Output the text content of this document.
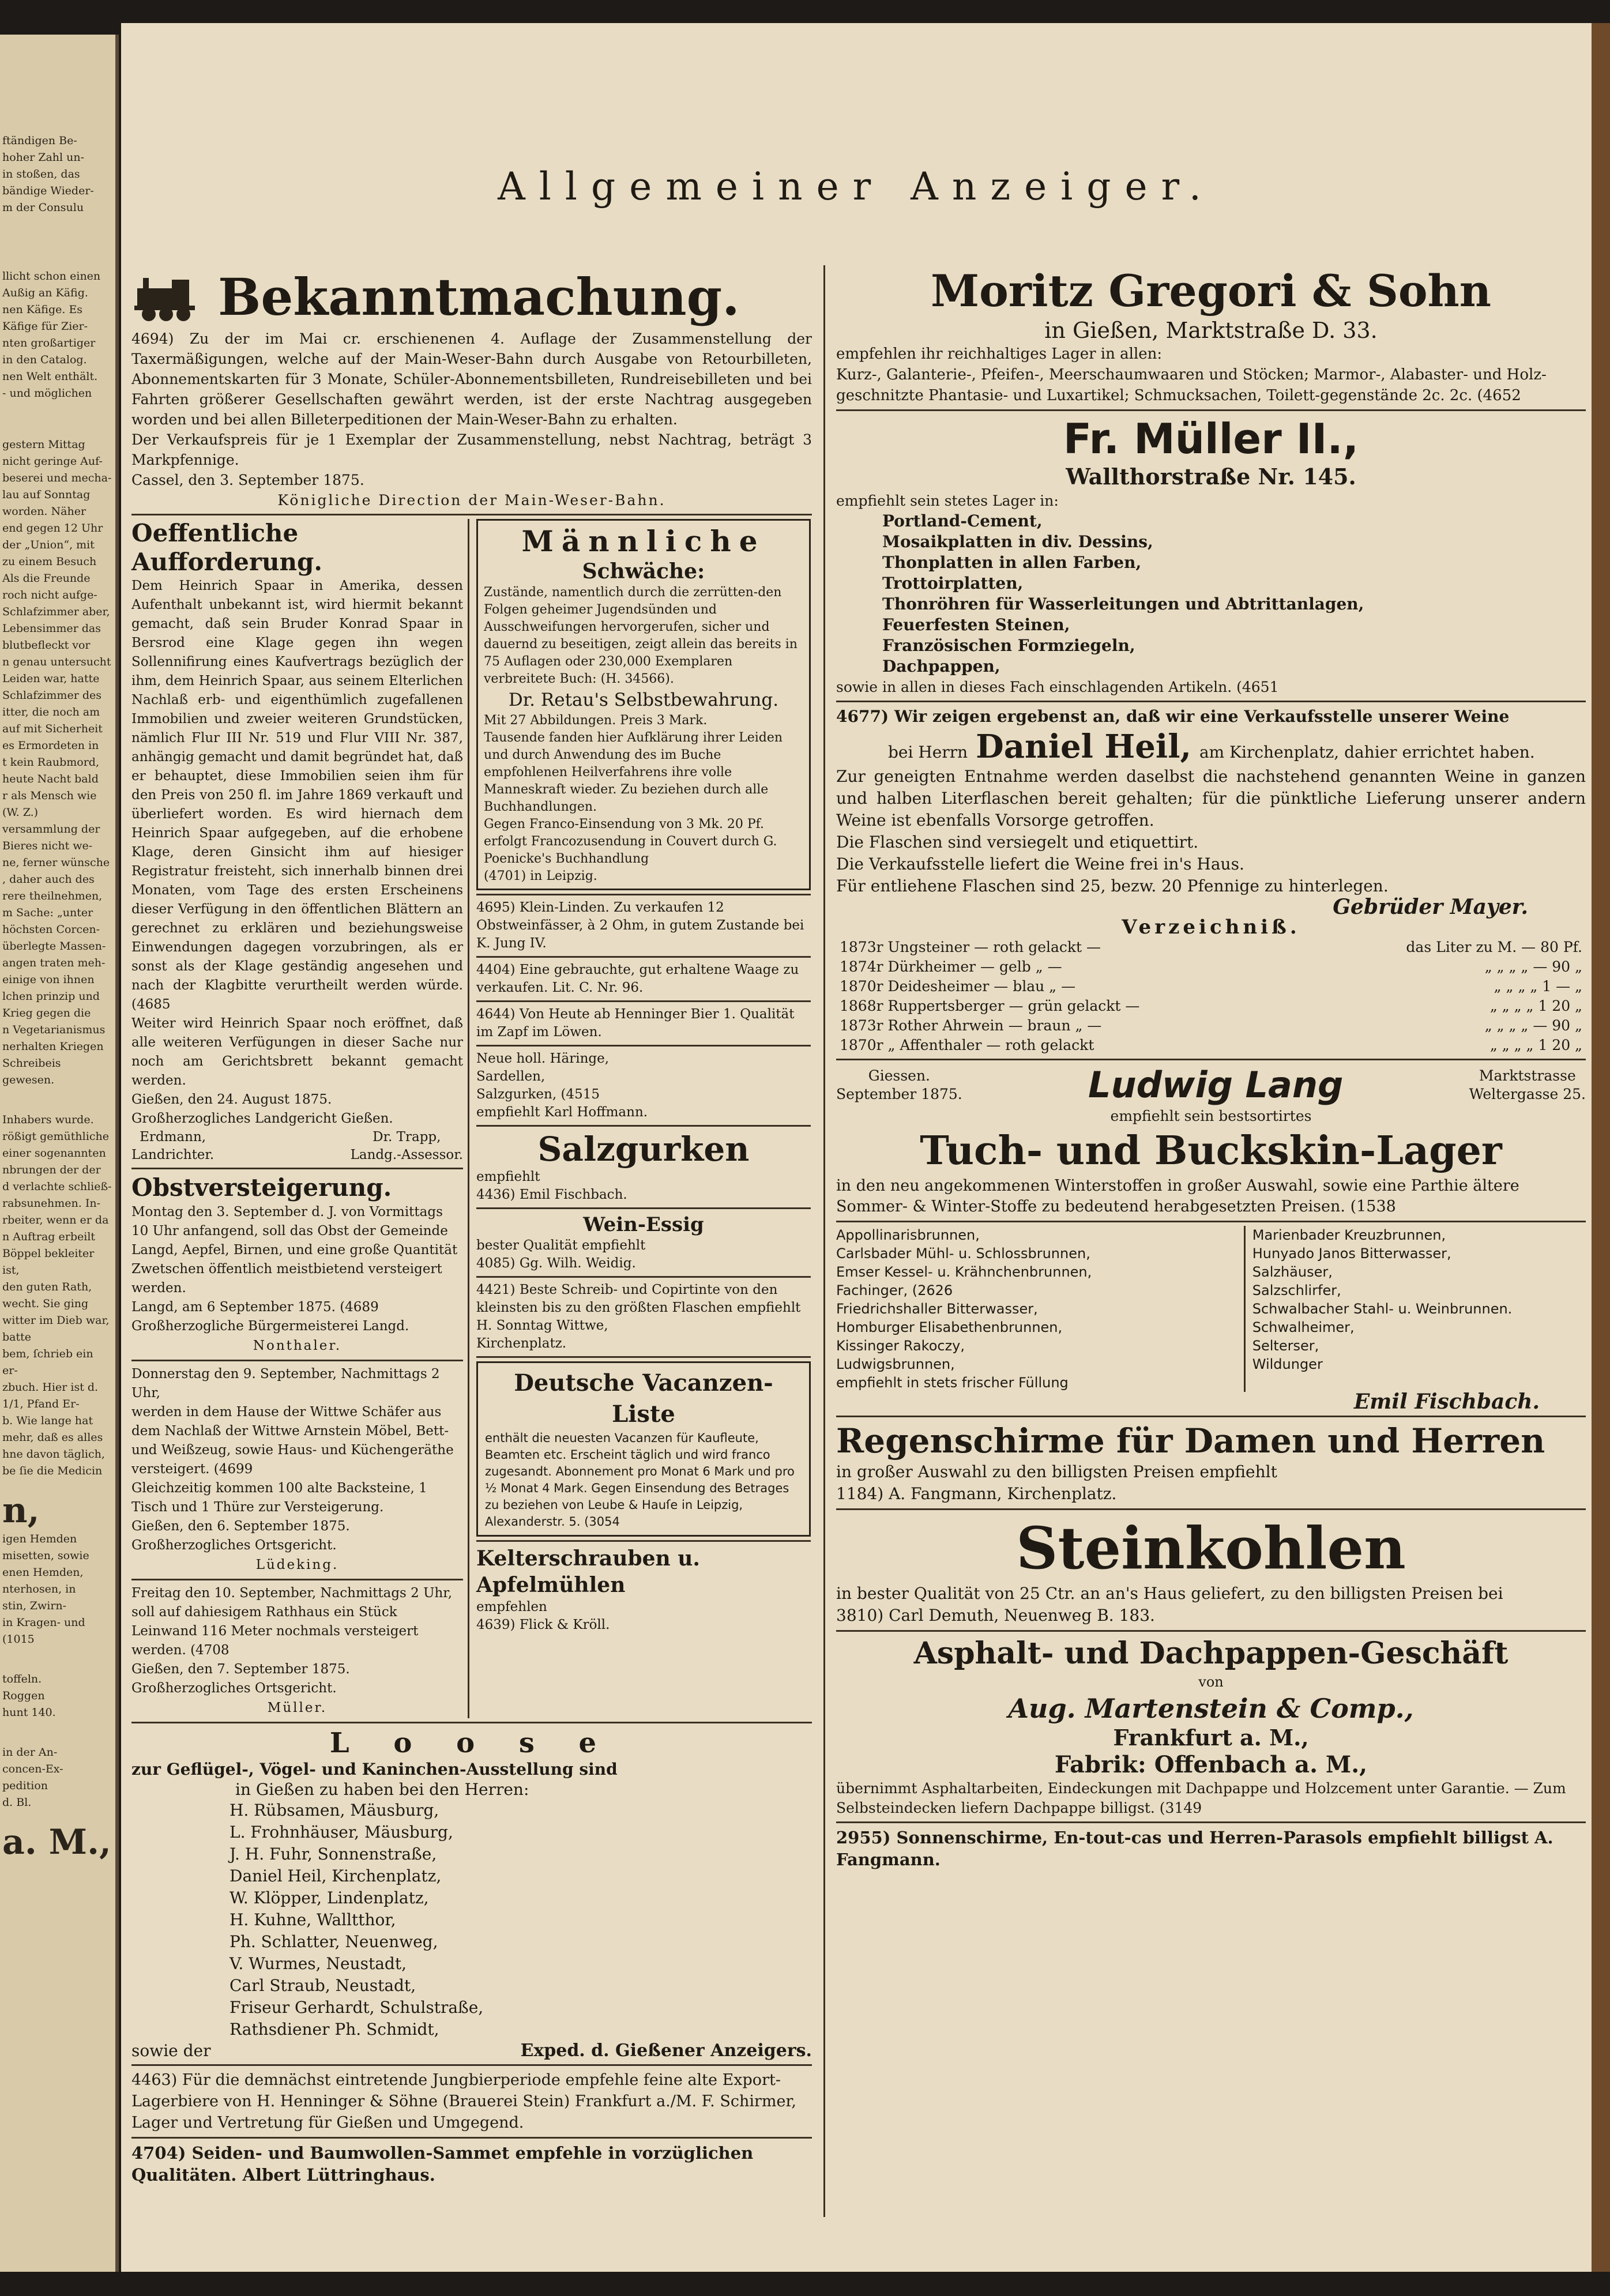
ftändigen Be-
hoher Zahl un-
in stoßen, das
bändige Wieder-
m der Consulu
llicht schon einen
Außig an Käfig.
nen Käfige. Es
Käfige für Zier-
nten großartiger
in den Catalog.
nen Welt enthält.
- und möglichen
gestern Mittag
nicht geringe Auf-
beserei und mecha-
lau auf Sonntag
worden. Näher
end gegen 12 Uhr
der „Union“, mit
zu einem Besuch
Als die Freunde
roch nicht aufge-
Schlafzimmer aber,
Lebensimmer das
blutbefleckt vor
n genau untersucht
Leiden war, hatte
Schlafzimmer des
itter, die noch am
auf mit Sicherheit
es Ermordeten in
t kein Raubmord,
heute Nacht bald
r als Mensch wie
(W. Z.)
versammlung der
Bieres nicht we-
ne, ferner wünsche
, daher auch des
rere theilnehmen,
m Sache: „unter
höchsten Corcen-
überlegte Massen-
angen traten meh-
einige von ihnen
lchen prinzip und
Krieg gegen die
n Vegetarianismus
nerhalten Kriegen
Schreibeis gewesen.
Inhabers wurde.
rößigt gemüthliche
einer sogenannten
nbrungen der der
d verlachte schließ-
rabsunehmen. In-
rbeiter, wenn er da
n Auftrag erbeilt
Böppel bekleiter ist,
den guten Rath,
wecht. Sie ging
witter im Dieb war,
batte
bem, ſchrieb ein er-
zbuch. Hier ist d.
1/1, Pfand Er-
b. Wie lange hat
mehr, daß es alles
hne davon täglich,
be ſie die Medicin
n,
igen Hemden
misetten, sowie
enen Hemden,
nterhosen, in
stin, Zwirn-
in Kragen- und
(1015
toffeln.
Roggen
hunt 140.
in der An-
concen-Ex-
pedition
d. Bl.
a. M.,
Allgemeiner Anzeiger.
Bekanntmachung.
4694) Zu der im Mai cr. erschienenen 4. Auflage der Zusammenstellung der Taxermäßigungen, welche auf der Main-Weser-Bahn durch Ausgabe von Retourbilleten, Abonnementskarten für 3 Monate, Schüler-Abonnementsbilleten, Rundreisebilleten und bei Fahrten größerer Gesellschaften gewährt werden, ist der erste Nachtrag ausgegeben worden und bei allen Billeterpeditionen der Main-Weser-Bahn zu erhalten.
Der Verkaufspreis für je 1 Exemplar der Zusammenstellung, nebst Nachtrag, beträgt 3 Markpfennige.
Cassel, den 3. September 1875.
Königliche Direction der Main-Weser-Bahn.
Oeffentliche Aufforderung.
Dem Heinrich Spaar in Amerika, dessen Aufenthalt unbekannt ist, wird hiermit bekannt gemacht, daß sein Bruder Konrad Spaar in Bersrod eine Klage gegen ihn wegen Sollennifirung eines Kaufvertrags bezüglich der ihm, dem Heinrich Spaar, aus seinem Elterlichen Nachlaß erb- und eigenthümlich zugefallenen Immobilien und zweier weiteren Grundstücken, nämlich Flur III Nr. 519 und Flur VIII Nr. 387, anhängig gemacht und damit begründet hat, daß er behauptet, diese Immobilien seien ihm für den Preis von 250 fl. im Jahre 1869 verkauft und überliefert worden. Es wird hiernach dem Heinrich Spaar aufgegeben, auf die erhobene Klage, deren Ginsicht ihm auf hiesiger Registratur freisteht, sich innerhalb binnen drei Monaten, vom Tage des ersten Erscheinens dieser Verfügung in den öffentlichen Blättern an gerechnet zu erklären und beziehungsweise Einwendungen dagegen vorzubringen, als er sonst als der Klage geständig angesehen und nach der Klagbitte verurtheilt werden würde. (4685
Weiter wird Heinrich Spaar noch eröffnet, daß alle weiteren Verfügungen in dieser Sache nur noch am Gerichtsbrett bekannt gemacht werden.
Gießen, den 24. August 1875.
Großherzogliches Landgericht Gießen.
Erdmann,
Landrichter.
Dr. Trapp,
Landg.-Assessor.
Obstversteigerung.
Montag den 3. September d. J. von Vormittags 10 Uhr anfangend, soll das Obst der Gemeinde Langd, Aepfel, Birnen, und eine große Quantität Zwetschen öffentlich meistbietend versteigert werden.
Langd, am 6 September 1875. (4689
Großherzogliche Bürgermeisterei Langd.
Nonthaler.
Donnerstag den 9. September, Nachmittags 2 Uhr,
werden in dem Hause der Wittwe Schäfer aus dem Nachlaß der Wittwe Arnstein Möbel, Bett- und Weißzeug, sowie Haus- und Küchengeräthe versteigert. (4699
Gleichzeitig kommen 100 alte Backsteine, 1 Tisch und 1 Thüre zur Versteigerung.
Gießen, den 6. September 1875.
Großherzogliches Ortsgericht.
Lüdeking.
Freitag den 10. September, Nachmittags 2 Uhr,
soll auf dahiesigem Rathhaus ein Stück Leinwand 116 Meter nochmals versteigert werden. (4708
Gießen, den 7. September 1875.
Großherzogliches Ortsgericht.
Müller.
Männliche
Schwäche:
Zustände, namentlich durch die zerrütten-den Folgen geheimer Jugendsünden und Ausschweifungen hervorgerufen, sicher und dauernd zu beseitigen, zeigt allein das bereits in 75 Auflagen oder 230,000 Exemplaren verbreitete Buch: (H. 34566).
Dr. Retau's Selbstbewahrung.
Mit 27 Abbildungen. Preis 3 Mark.
Tausende fanden hier Aufklärung ihrer Leiden und durch Anwendung des im Buche empfohlenen Heilverfahrens ihre volle Manneskraft wieder. Zu beziehen durch alle Buchhandlungen.
Gegen Franco-Einsendung von 3 Mk. 20 Pf. erfolgt Francozusendung in Couvert durch G. Poenicke's Buchhandlung
(4701) in Leipzig.
4695) Klein-Linden. Zu verkaufen 12 Obstweinfässer, à 2 Ohm, in gutem Zustande bei K. Jung IV.
4404) Eine gebrauchte, gut erhaltene Waage zu verkaufen. Lit. C. Nr. 96.
4644) Von Heute ab Henninger Bier 1. Qualität im Zapf im Löwen.
Neue holl. Häringe,
Sardellen,
Salzgurken, (4515
empfiehlt Karl Hoffmann.
Salzgurken
empfiehlt
4436) Emil Fischbach.
Wein-Essig
bester Qualität empfiehlt
4085) Gg. Wilh. Weidig.
4421) Beste Schreib- und Copirtinte von den kleinsten bis zu den größten Flaschen empfiehlt H. Sonntag Wittwe,
Kirchenplatz.
Deutsche Vacanzen-Liste
enthält die neuesten Vacanzen für Kaufleute, Beamten etc. Erscheint täglich und wird franco zugesandt. Abonnement pro Monat 6 Mark und pro ½ Monat 4 Mark. Gegen Einsendung des Betrages zu beziehen von Leube & Hauſe in Leipzig, Alexanderstr. 5. (3054
Kelterschrauben u. Apfelmühlen
empfehlen
4639) Flick & Kröll.
L o o s e
zur Geflügel-, Vögel- und Kaninchen-Ausstellung sind
in Gießen zu haben bei den Herren:
H. Rübsamen, Mäusburg,
L. Frohnhäuser, Mäusburg,
J. H. Fuhr, Sonnenstraße,
Daniel Heil, Kirchenplatz,
W. Klöpper, Lindenplatz,
H. Kuhne, Walltthor,
Ph. Schlatter, Neuenweg,
V. Wurmes, Neustadt,
Carl Straub, Neustadt,
Friseur Gerhardt, Schulstraße,
Rathsdiener Ph. Schmidt,
sowie der	Exped. d. Gießener Anzeigers.
4463) Für die demnächst eintretende Jungbierperiode empfehle feine alte Export-Lagerbiere von H. Henninger & Söhne (Brauerei Stein) Frankfurt a./M. F. Schirmer,
Lager und Vertretung für Gießen und Umgegend.
4704) Seiden- und Baumwollen-Sammet empfehle in vorzüglichen Qualitäten. Albert Lüttringhaus.
Moritz Gregori & Sohn
in Gießen, Marktstraße D. 33.
empfehlen ihr reichhaltiges Lager in allen:
Kurz-, Galanterie-, Pfeifen-, Meerschaumwaaren und Stöcken; Marmor-, Alabaster- und Holz-geschnitzte Phantasie- und Luxartikel; Schmucksachen, Toilett-gegenstände 2c. 2c. (4652
Fr. Müller II.,
Wallthorstraße Nr. 145.
empfiehlt sein stetes Lager in:
Portland-Cement,
Mosaikplatten in div. Dessins,
Thonplatten in allen Farben,
Trottoirplatten,
Thonröhren für Wasserleitungen und Abtrittanlagen,
Feuerfesten Steinen,
Französischen Formziegeln,
Dachpappen,
sowie in allen in dieses Fach einschlagenden Artikeln. (4651
4677) Wir zeigen ergebenst an, daß wir eine Verkaufsstelle unserer Weine
bei Herrn Daniel Heil, am Kirchenplatz, dahier errichtet haben.
Zur geneigten Entnahme werden daselbst die nachstehend genannten Weine in ganzen und halben Literflaschen bereit gehalten; für die pünktliche Lieferung unserer andern Weine ist ebenfalls Vorsorge getroffen.
Die Flaschen sind versiegelt und etiquettirt.
Die Verkaufsstelle liefert die Weine frei in's Haus.
Für entliehene Flaschen sind 25, bezw. 20 Pfennige zu hinterlegen.
Gebrüder Mayer.
Verzeichniß.
1873r Ungsteiner — roth gelackt —	das Liter zu M. — 80 Pf.
1874r Dürkheimer — gelb „ —	„ „ „ „ — 90 „
1870r Deidesheimer — blau „ —	„ „ „ „ 1 — „
1868r Ruppertsberger — grün gelackt —	„ „ „ „ 1 20 „
1873r Rother Ahrwein — braun „ —	„ „ „ „ — 90 „
1870r „ Affenthaler — roth gelackt	„ „ „ „ 1 20 „
Giessen.
September 1875.	Ludwig Lang	Marktstrasse
Weltergasse 25.
empfiehlt sein bestsortirtes
Tuch- und Buckskin-Lager
in den neu angekommenen Winterstoffen in großer Auswahl, sowie eine Parthie ältere Sommer- & Winter-Stoffe zu bedeutend herabgesetzten Preisen. (1538
Appollinarisbrunnen,
Carlsbader Mühl- u. Schlossbrunnen,
Emser Kessel- u. Krähnchenbrunnen,
Fachinger, (2626
Friedrichshaller Bitterwasser,
Homburger Elisabethenbrunnen,
Kissinger Rakoczy,
Ludwigsbrunnen,
empfiehlt in stets frischer Füllung
Marienbader Kreuzbrunnen,
Hunyado Janos Bitterwasser,
Salzhäuser,
Salzschlirfer,
Schwalbacher Stahl- u. Weinbrunnen.
Schwalheimer,
Selterser,
Wildunger
Emil Fischbach.
Regenschirme für Damen und Herren
in großer Auswahl zu den billigsten Preisen empfiehlt
1184) A. Fangmann, Kirchenplatz.
Steinkohlen
in bester Qualität von 25 Ctr. an an's Haus geliefert, zu den billigsten Preisen bei
3810) Carl Demuth, Neuenweg B. 183.
Asphalt- und Dachpappen-Geschäft
von
Aug. Martenstein & Comp.,
Frankfurt a. M.,
Fabrik: Offenbach a. M.,
übernimmt Asphaltarbeiten, Eindeckungen mit Dachpappe und Holzcement unter Garantie. — Zum Selbsteindecken liefern Dachpappe billigst. (3149
2955) Sonnenschirme, En-tout-cas und Herren-Parasols empfiehlt billigst A. Fangmann.
